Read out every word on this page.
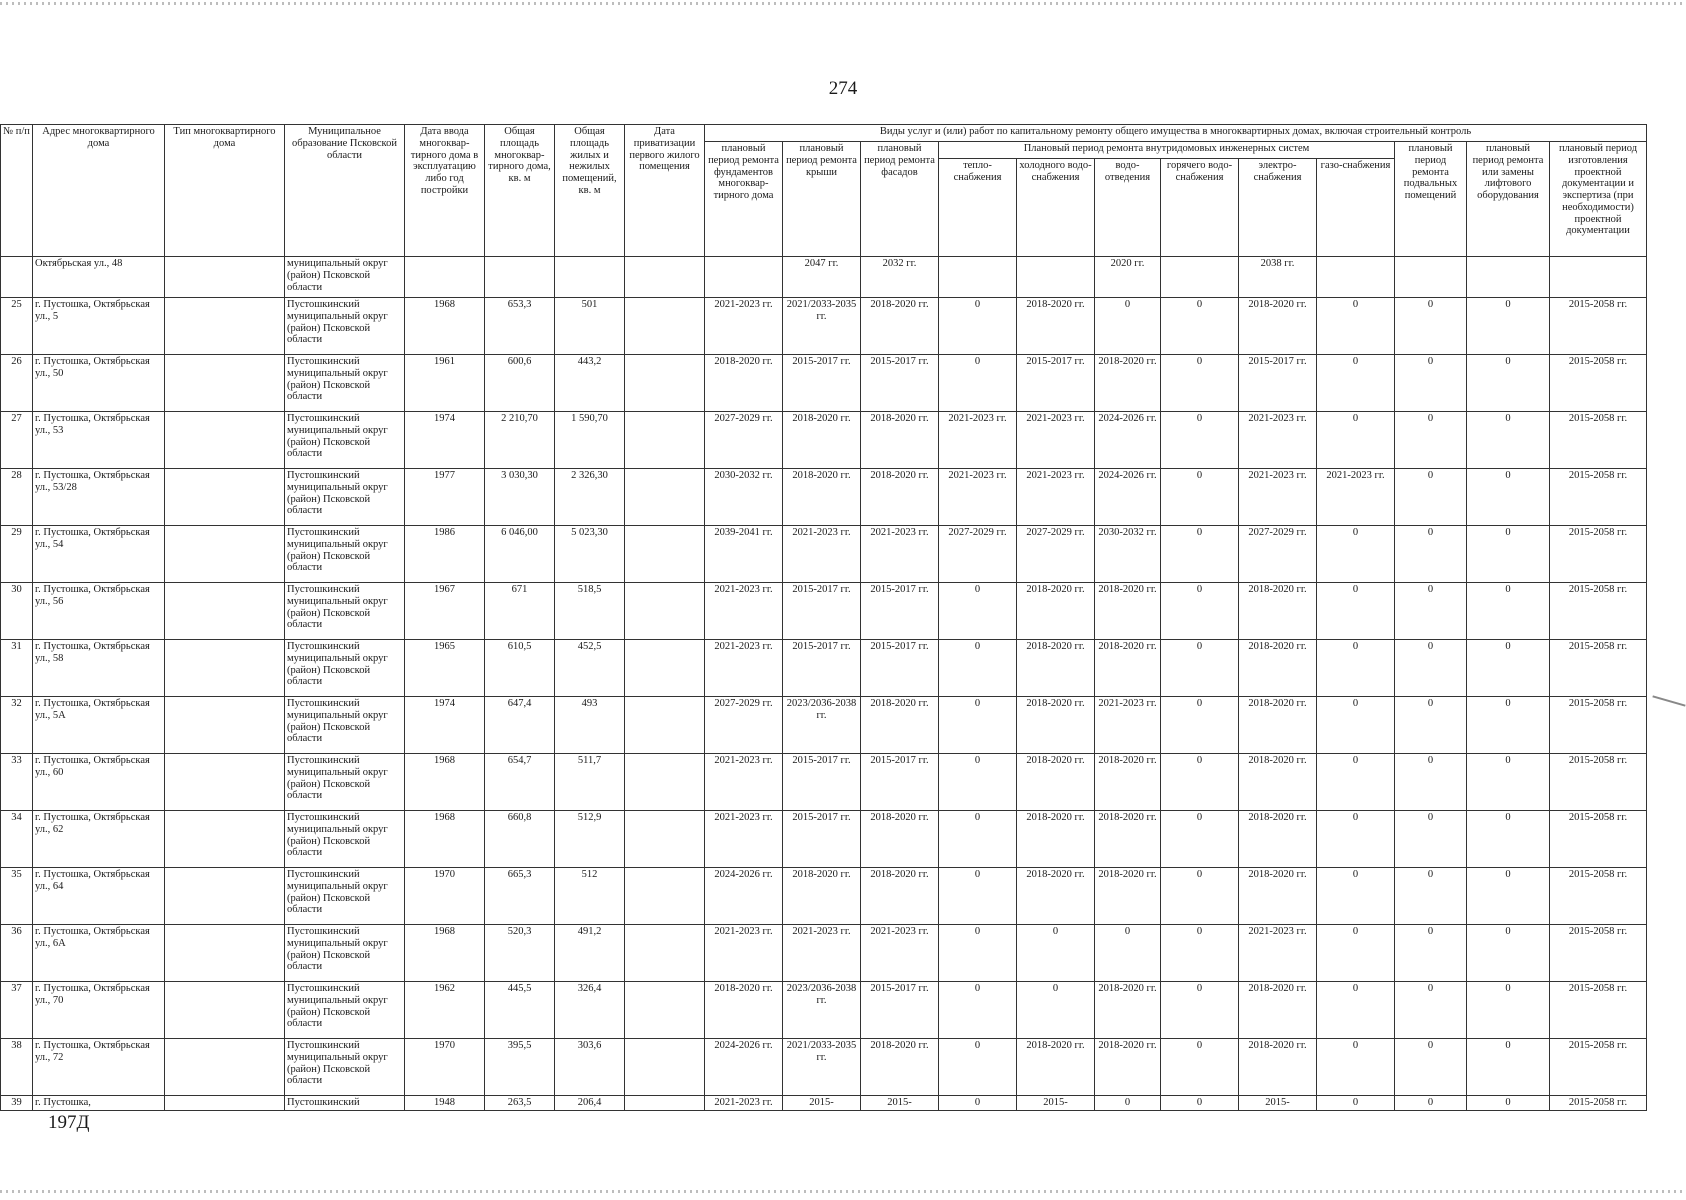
274
№ п/п	Адрес многоквартирного дома	Тип многоквартирного дома	Муниципальное образование Псковской области	Дата ввода многоквар-тирного дома в эксплуатацию либо год постройки	Общая площадь многоквар-тирного дома, кв. м	Общая площадь жилых и нежилых помещений, кв. м	Дата приватизации первого жилого помещения	Виды услуг и (или) работ по капитальному ремонту общего имущества в многоквартирных домах, включая строительный контроль											
								плановый период ремонта фундаментов многоквар-тирного дома	плановый период ремонта крыши	плановый период ремонта фасадов	Плановый период ремонта внутридомовых инженерных систем						плановый период ремонта подвальных помещений	плановый период ремонта или замены лифтового оборудования	плановый период изготовления проектной документации и экспертиза (при необходимости) проектной документации
											тепло-снабжения	холодного водо-снабжения	водо-отведения	горячего водо-снабжения	электро-снабжения	газо-снабжения			
	Октябрьская ул., 48		муниципальный округ (район) Псковской области						2047 гг.	2032 гг.			2020 гг.		2038 гг.				
25	г. Пустошка, Октябрьская ул., 5		Пустошкинский муниципальный округ (район) Псковской области	1968	653,3	501		2021-2023 гг.	2021/2033-2035 гг.	2018-2020 гг.	0	2018-2020 гг.	0	0	2018-2020 гг.	0	0	0	2015-2058 гг.
26	г. Пустошка, Октябрьская ул., 50		Пустошкинский муниципальный округ (район) Псковской области	1961	600,6	443,2		2018-2020 гг.	2015-2017 гг.	2015-2017 гг.	0	2015-2017 гг.	2018-2020 гг.	0	2015-2017 гг.	0	0	0	2015-2058 гг.
27	г. Пустошка, Октябрьская ул., 53		Пустошкинский муниципальный округ (район) Псковской области	1974	2 210,70	1 590,70		2027-2029 гг.	2018-2020 гг.	2018-2020 гг.	2021-2023 гг.	2021-2023 гг.	2024-2026 гг.	0	2021-2023 гг.	0	0	0	2015-2058 гг.
28	г. Пустошка, Октябрьская ул., 53/28		Пустошкинский муниципальный округ (район) Псковской области	1977	3 030,30	2 326,30		2030-2032 гг.	2018-2020 гг.	2018-2020 гг.	2021-2023 гг.	2021-2023 гг.	2024-2026 гг.	0	2021-2023 гг.	2021-2023 гг.	0	0	2015-2058 гг.
29	г. Пустошка, Октябрьская ул., 54		Пустошкинский муниципальный округ (район) Псковской области	1986	6 046,00	5 023,30		2039-2041 гг.	2021-2023 гг.	2021-2023 гг.	2027-2029 гг.	2027-2029 гг.	2030-2032 гг.	0	2027-2029 гг.	0	0	0	2015-2058 гг.
30	г. Пустошка, Октябрьская ул., 56		Пустошкинский муниципальный округ (район) Псковской области	1967	671	518,5		2021-2023 гг.	2015-2017 гг.	2015-2017 гг.	0	2018-2020 гг.	2018-2020 гг.	0	2018-2020 гг.	0	0	0	2015-2058 гг.
31	г. Пустошка, Октябрьская ул., 58		Пустошкинский муниципальный округ (район) Псковской области	1965	610,5	452,5		2021-2023 гг.	2015-2017 гг.	2015-2017 гг.	0	2018-2020 гг.	2018-2020 гг.	0	2018-2020 гг.	0	0	0	2015-2058 гг.
32	г. Пустошка, Октябрьская ул., 5А		Пустошкинский муниципальный округ (район) Псковской области	1974	647,4	493		2027-2029 гг.	2023/2036-2038 гг.	2018-2020 гг.	0	2018-2020 гг.	2021-2023 гг.	0	2018-2020 гг.	0	0	0	2015-2058 гг.
33	г. Пустошка, Октябрьская ул., 60		Пустошкинский муниципальный округ (район) Псковской области	1968	654,7	511,7		2021-2023 гг.	2015-2017 гг.	2015-2017 гг.	0	2018-2020 гг.	2018-2020 гг.	0	2018-2020 гг.	0	0	0	2015-2058 гг.
34	г. Пустошка, Октябрьская ул., 62		Пустошкинский муниципальный округ (район) Псковской области	1968	660,8	512,9		2021-2023 гг.	2015-2017 гг.	2018-2020 гг.	0	2018-2020 гг.	2018-2020 гг.	0	2018-2020 гг.	0	0	0	2015-2058 гг.
35	г. Пустошка, Октябрьская ул., 64		Пустошкинский муниципальный округ (район) Псковской области	1970	665,3	512		2024-2026 гг.	2018-2020 гг.	2018-2020 гг.	0	2018-2020 гг.	2018-2020 гг.	0	2018-2020 гг.	0	0	0	2015-2058 гг.
36	г. Пустошка, Октябрьская ул., 6А		Пустошкинский муниципальный округ (район) Псковской области	1968	520,3	491,2		2021-2023 гг.	2021-2023 гг.	2021-2023 гг.	0	0	0	0	2021-2023 гг.	0	0	0	2015-2058 гг.
37	г. Пустошка, Октябрьская ул., 70		Пустошкинский муниципальный округ (район) Псковской области	1962	445,5	326,4		2018-2020 гг.	2023/2036-2038 гг.	2015-2017 гг.	0	0	2018-2020 гг.	0	2018-2020 гг.	0	0	0	2015-2058 гг.
38	г. Пустошка, Октябрьская ул., 72		Пустошкинский муниципальный округ (район) Псковской области	1970	395,5	303,6		2024-2026 гг.	2021/2033-2035 гг.	2018-2020 гг.	0	2018-2020 гг.	2018-2020 гг.	0	2018-2020 гг.	0	0	0	2015-2058 гг.
39	г. Пустошка,		Пустошкинский	1948	263,5	206,4		2021-2023 гг.	2015-	2015-	0	2015-	0	0	2015-	0	0	0	2015-2058 гг.
197Д
